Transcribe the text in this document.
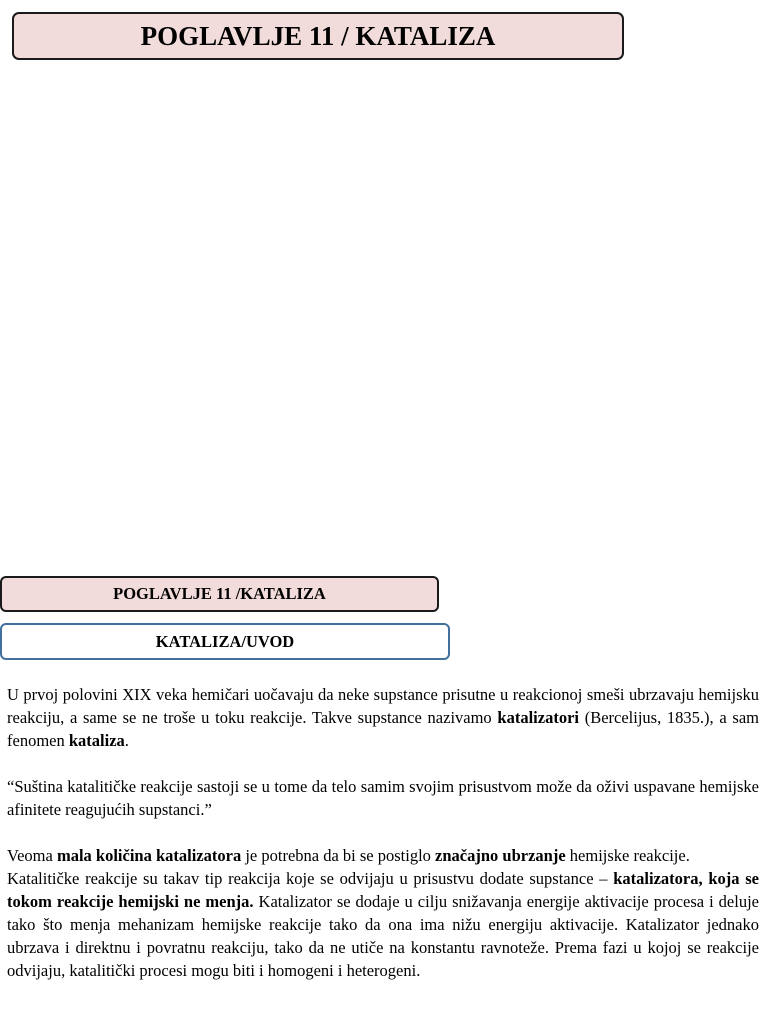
POGLAVLJE 11 / KATALIZA
POGLAVLJE 11 /KATALIZA
KATALIZA/UVOD

U prvoj polovini XIX veka hemičari uočavaju da neke supstance prisutne u reakcionoj smeši ubrzavaju hemijsku reakciju, a same se ne troše u toku reakcije. Takve supstance nazivamo katalizatori (Bercelijus, 1835.), a sam fenomen kataliza.

“Suština katalitičke reakcije sastoji se u tome da telo samim svojim prisustvom može da oživi uspavane hemijske afinitete reagujućih supstanci.”

Veoma mala količina katalizatora je potrebna da bi se postiglo značajno ubrzanje hemijske reakcije.

Katalitičke reakcije su takav tip reakcija koje se odvijaju u prisustvu dodate supstance – katalizatora, koja se tokom reakcije hemijski ne menja. Katalizator se dodaje u cilju snižavanja energije aktivacije procesa i deluje tako što menja mehanizam hemijske reakcije tako da ona ima nižu energiju aktivacije. Katalizator jednako ubrzava i direktnu i povratnu reakciju, tako da ne utiče na konstantu ravnoteže. Prema fazi u kojoj se reakcije odvijaju, katalitički procesi mogu biti i homogeni i heterogeni.
